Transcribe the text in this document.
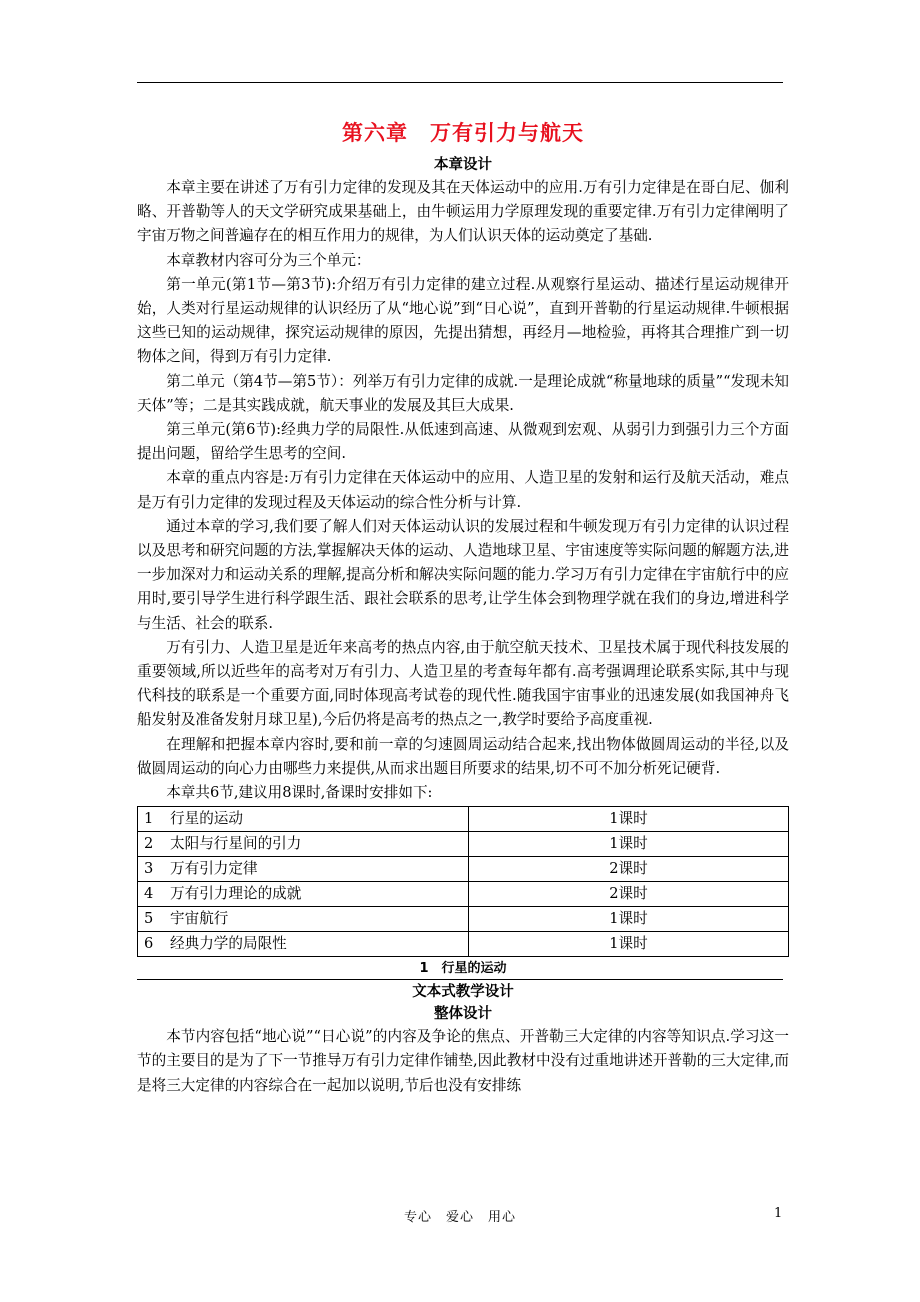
第六章　万有引力与航天
本章设计

本章主要在讲述了万有引力定律的发现及其在天体运动中的应用.万有引力定律是在哥白尼、伽利略、开普勒等人的天文学研究成果基础上，由牛顿运用力学原理发现的重要定律.万有引力定律阐明了宇宙万物之间普遍存在的相互作用力的规律，为人们认识天体的运动奠定了基础.

本章教材内容可分为三个单元：

第一单元(第1节—第3节):介绍万有引力定律的建立过程.从观察行星运动、描述行星运动规律开始，人类对行星运动规律的认识经历了从“地心说”到“日心说”，直到开普勒的行星运动规律.牛顿根据这些已知的运动规律，探究运动规律的原因，先提出猜想，再经月—地检验，再将其合理推广到一切物体之间，得到万有引力定律.

第二单元（第4节—第5节）：列举万有引力定律的成就.一是理论成就“称量地球的质量”“发现未知天体”等；二是其实践成就，航天事业的发展及其巨大成果.

第三单元(第6节):经典力学的局限性.从低速到高速、从微观到宏观、从弱引力到强引力三个方面提出问题，留给学生思考的空间.

本章的重点内容是:万有引力定律在天体运动中的应用、人造卫星的发射和运行及航天活动，难点是万有引力定律的发现过程及天体运动的综合性分析与计算.

通过本章的学习,我们要了解人们对天体运动认识的发展过程和牛顿发现万有引力定律的认识过程以及思考和研究问题的方法,掌握解决天体的运动、人造地球卫星、宇宙速度等实际问题的解题方法,进一步加深对力和运动关系的理解,提高分析和解决实际问题的能力.学习万有引力定律在宇宙航行中的应用时,要引导学生进行科学跟生活、跟社会联系的思考,让学生体会到物理学就在我们的身边,增进科学与生活、社会的联系.

万有引力、人造卫星是近年来高考的热点内容,由于航空航天技术、卫星技术属于现代科技发展的重要领域,所以近些年的高考对万有引力、人造卫星的考查每年都有.高考强调理论联系实际,其中与现代科技的联系是一个重要方面,同时体现高考试卷的现代性.随我国宇宙事业的迅速发展(如我国神舟飞船发射及准备发射月球卫星),今后仍将是高考的热点之一,教学时要给予高度重视.

在理解和把握本章内容时,要和前一章的匀速圆周运动结合起来,找出物体做圆周运动的半径,以及做圆周运动的向心力由哪些力来提供,从而求出题目所要求的结果,切不可不加分析死记硬背.

本章共6节,建议用8课时,备课时安排如下:

1 行星的运动	1课时
2 太阳与行星间的引力	1课时
3 万有引力定律	2课时
4 万有引力理论的成就	2课时
5 宇宙航行	1课时
6 经典力学的局限性	1课时
1　行星的运动
文本式教学设计
整体设计

本节内容包括“地心说”“日心说”的内容及争论的焦点、开普勒三大定律的内容等知识点.学习这一节的主要目的是为了下一节推导万有引力定律作铺垫,因此教材中没有过重地讲述开普勒的三大定律,而是将三大定律的内容综合在一起加以说明,节后也没有安排练

专心　爱心　用心	1
